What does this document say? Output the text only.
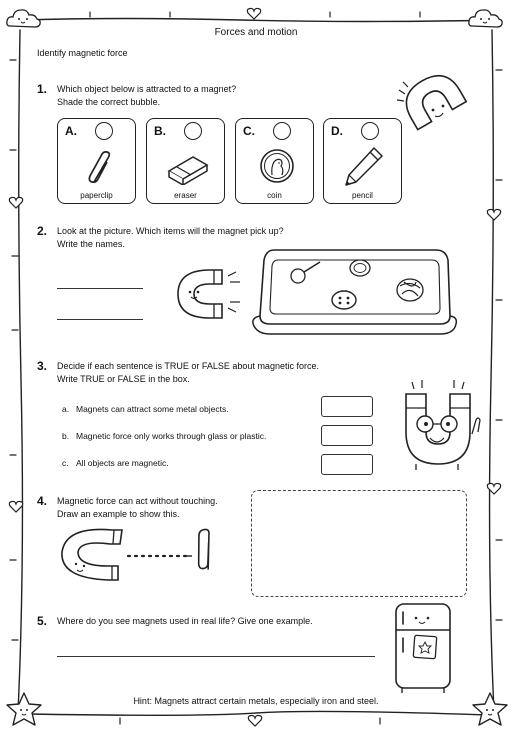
Forces and motion
Identify magnetic force
1. Which object below is attracted to a magnet?
Shade the correct bubble.
A.
paperclip
B.
eraser
C.
coin
D.
pencil
2. Look at the picture. Which items will the magnet pick up?
Write the names.
3. Decide if each sentence is TRUE or FALSE about magnetic force.
Write TRUE or FALSE in the box.
a. Magnets can attract some metal objects.
b. Magnetic force only works through glass or plastic.
c. All objects are magnetic.
4. Magnetic force can act without touching.
Draw an example to show this.
5. Where do you see magnets used in real life? Give one example.
Hint: Magnets attract certain metals, especially iron and steel.
